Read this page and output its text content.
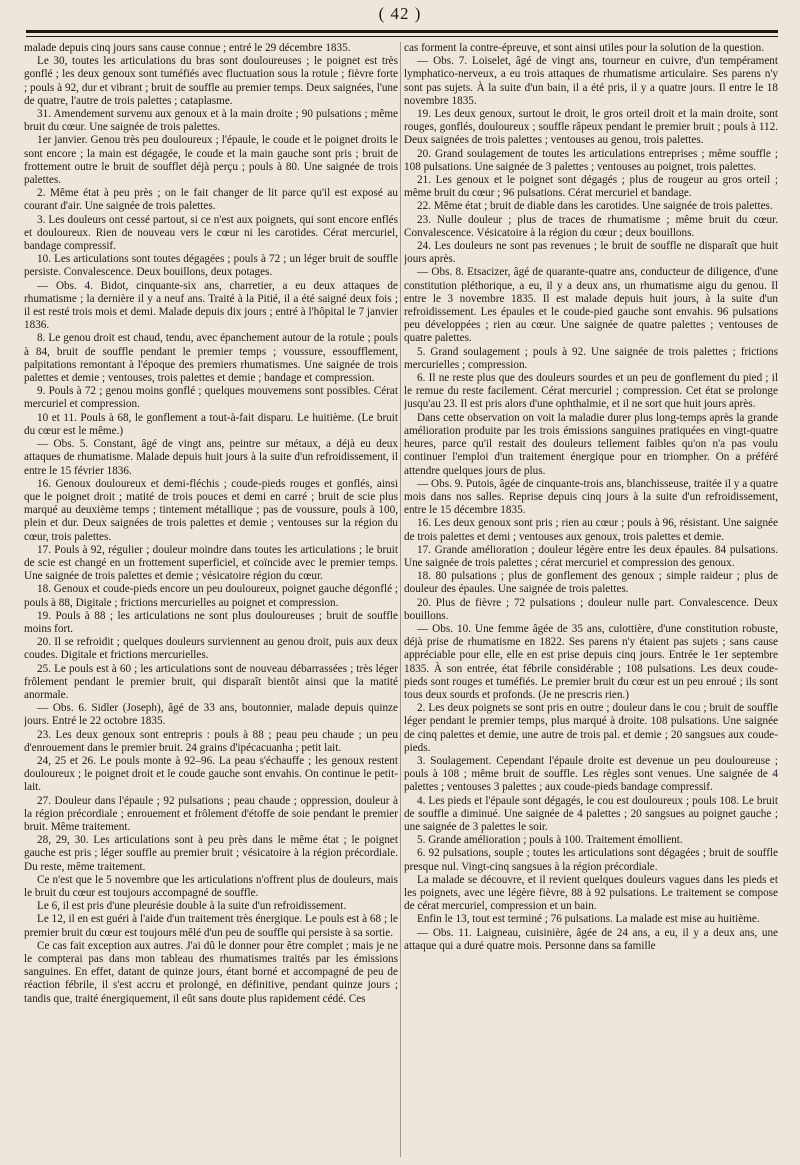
( 42 )

malade depuis cinq jours sans cause connue ; entré le 29 décembre 1835.

Le 30, toutes les articulations du bras sont douloureuses ; le poignet est très gonflé ; les deux genoux sont tuméfiés avec fluctuation sous la rotule ; fièvre forte ; pouls à 92, dur et vibrant ; bruit de souffle au premier temps. Deux saignées, l'une de quatre, l'autre de trois palettes ; cataplasme.

31. Amendement survenu aux genoux et à la main droite ; 90 pulsations ; même bruit du cœur. Une saignée de trois palettes.

1er janvier. Genou très peu douloureux ; l'épaule, le coude et le poignet droits le sont encore ; la main est dégagée, le coude et la main gauche sont pris ; bruit de frottement outre le bruit de soufflet déjà perçu ; pouls à 80. Une saignée de trois palettes.

2. Même état à peu près ; on le fait changer de lit parce qu'il est exposé au courant d'air. Une saignée de trois palettes.

3. Les douleurs ont cessé partout, si ce n'est aux poignets, qui sont encore enflés et douloureux. Rien de nouveau vers le cœur ni les carotides. Cérat mercuriel, bandage compressif.

10. Les articulations sont toutes dégagées ; pouls à 72 ; un léger bruit de souffle persiste. Convalescence. Deux bouillons, deux potages.

— Obs. 4. Bidot, cinquante-six ans, charretier, a eu deux attaques de rhumatisme ; la dernière il y a neuf ans. Traité à la Pitié, il a été saigné deux fois ; il est resté trois mois et demi. Malade depuis dix jours ; entré à l'hôpital le 7 janvier 1836.

8. Le genou droit est chaud, tendu, avec épanchement autour de la rotule ; pouls à 84, bruit de souffle pendant le premier temps ; voussure, essoufflement, palpitations remontant à l'époque des premiers rhumatismes. Une saignée de trois palettes et demie ; ventouses, trois palettes et demie ; bandage et compression.

9. Pouls à 72 ; genou moins gonflé ; quelques mouvemens sont possibles. Cérat mercuriel et compression.

10 et 11. Pouls à 68, le gonflement a tout-à-fait disparu. Le huitième. (Le bruit du cœur est le même.)

— Obs. 5. Constant, âgé de vingt ans, peintre sur métaux, a déjà eu deux attaques de rhumatisme. Malade depuis huit jours à la suite d'un refroidissement, il entre le 15 février 1836.

16. Genoux douloureux et demi-fléchis ; coude-pieds rouges et gonflés, ainsi que le poignet droit ; matité de trois pouces et demi en carré ; bruit de scie plus marqué au deuxième temps ; tintement métallique ; pas de voussure, pouls à 100, plein et dur. Deux saignées de trois palettes et demie ; ventouses sur la région du cœur, trois palettes.

17. Pouls à 92, régulier ; douleur moindre dans toutes les articulations ; le bruit de scie est changé en un frottement superficiel, et coïncide avec le premier temps. Une saignée de trois palettes et demie ; vésicatoire région du cœur.

18. Genoux et coude-pieds encore un peu douloureux, poignet gauche dégonflé ; pouls à 88, Digitale ; frictions mercurielles au poignet et compression.

19. Pouls à 88 ; les articulations ne sont plus douloureuses ; bruit de souffle moins fort.

20. Il se refroidit ; quelques douleurs surviennent au genou droit, puis aux deux coudes. Digitale et frictions mercurielles.

25. Le pouls est à 60 ; les articulations sont de nouveau débarrassées ; très léger frôlement pendant le premier bruit, qui disparaît bientôt ainsi que la matité anormale.

— Obs. 6. Sidler (Joseph), âgé de 33 ans, boutonnier, malade depuis quinze jours. Entré le 22 octobre 1835.

23. Les deux genoux sont entrepris : pouls à 88 ; peau peu chaude ; un peu d'enrouement dans le premier bruit. 24 grains d'ipécacuanha ; petit lait.

24, 25 et 26. Le pouls monte à 92–96. La peau s'échauffe ; les genoux restent douloureux ; le poignet droit et le coude gauche sont envahis. On continue le petit-lait.

27. Douleur dans l'épaule ; 92 pulsations ; peau chaude ; oppression, douleur à la région précordiale ; enrouement et frôlement d'étoffe de soie pendant le premier bruit. Même traitement.

28, 29, 30. Les articulations sont à peu près dans le même état ; le poignet gauche est pris ; léger souffle au premier bruit ; vésicatoire à la région précordiale. Du reste, même traitement.

Ce n'est que le 5 novembre que les articulations n'offrent plus de douleurs, mais le bruit du cœur est toujours accompagné de souffle.

Le 6, il est pris d'une pleurésie double à la suite d'un refroidissement.

Le 12, il en est guéri à l'aide d'un traitement très énergique. Le pouls est à 68 ; le premier bruit du cœur est toujours mêlé d'un peu de souffle qui persiste à sa sortie.

Ce cas fait exception aux autres. J'ai dû le donner pour être complet ; mais je ne le compterai pas dans mon tableau des rhumatismes traités par les émissions sanguines. En effet, datant de quinze jours, étant borné et accompagné de peu de réaction fébrile, il s'est accru et prolongé, en définitive, pendant quinze jours ; tandis que, traité énergiquement, il eût sans doute plus rapidement cédé. Ces

cas forment la contre-épreuve, et sont ainsi utiles pour la solution de la question.

— Obs. 7. Loiselet, âgé de vingt ans, tourneur en cuivre, d'un tempérament lymphatico-nerveux, a eu trois attaques de rhumatisme articulaire. Ses parens n'y sont pas sujets. À la suite d'un bain, il a été pris, il y a quatre jours. Il entre le 18 novembre 1835.

19. Les deux genoux, surtout le droit, le gros orteil droit et la main droite, sont rouges, gonflés, douloureux ; souffle râpeux pendant le premier bruit ; pouls à 112. Deux saignées de trois palettes ; ventouses au genou, trois palettes.

20. Grand soulagement de toutes les articulations entreprises ; même souffle ; 108 pulsations. Une saignée de 3 palettes ; ventouses au poignet, trois palettes.

21. Les genoux et le poignet sont dégagés ; plus de rougeur au gros orteil ; même bruit du cœur ; 96 pulsations. Cérat mercuriel et bandage.

22. Même état ; bruit de diable dans les carotides. Une saignée de trois palettes.

23. Nulle douleur ; plus de traces de rhumatisme ; même bruit du cœur. Convalescence. Vésicatoire à la région du cœur ; deux bouillons.

24. Les douleurs ne sont pas revenues ; le bruit de souffle ne disparaît que huit jours après.

— Obs. 8. Etsacizer, âgé de quarante-quatre ans, conducteur de diligence, d'une constitution pléthorique, a eu, il y a deux ans, un rhumatisme aigu du genou. Il entre le 3 novembre 1835. Il est malade depuis huit jours, à la suite d'un refroidissement. Les épaules et le coude-pied gauche sont envahis. 96 pulsations peu développées ; rien au cœur. Une saignée de quatre palettes ; ventouses de quatre palettes.

5. Grand soulagement ; pouls à 92. Une saignée de trois palettes ; frictions mercurielles ; compression.

6. Il ne reste plus que des douleurs sourdes et un peu de gonflement du pied ; il le remue du reste facilement. Cérat mercuriel ; compression. Cet état se prolonge jusqu'au 23. Il est pris alors d'une ophthalmie, et il ne sort que huit jours après.

Dans cette observation on voit la maladie durer plus long-temps après la grande amélioration produite par les trois émissions sanguines pratiquées en vingt-quatre heures, parce qu'il restait des douleurs tellement faibles qu'on n'a pas voulu continuer l'emploi d'un traitement énergique pour en triompher. On a préféré attendre quelques jours de plus.

— Obs. 9. Putois, âgée de cinquante-trois ans, blanchisseuse, traitée il y a quatre mois dans nos salles. Reprise depuis cinq jours à la suite d'un refroidissement, entre le 15 décembre 1835.

16. Les deux genoux sont pris ; rien au cœur ; pouls à 96, résistant. Une saignée de trois palettes et demi ; ventouses aux genoux, trois palettes et demie.

17. Grande amélioration ; douleur légère entre les deux épaules. 84 pulsations. Une saignée de trois palettes ; cérat mercuriel et compression des genoux.

18. 80 pulsations ; plus de gonflement des genoux ; simple raideur ; plus de douleur des épaules. Une saignée de trois palettes.

20. Plus de fièvre ; 72 pulsations ; douleur nulle part. Convalescence. Deux bouillons.

— Obs. 10. Une femme âgée de 35 ans, culottière, d'une constitution robuste, déjà prise de rhumatisme en 1822. Ses parens n'y étaient pas sujets ; sans cause appréciable pour elle, elle en est prise depuis cinq jours. Entrée le 1er septembre 1835. À son entrée, état fébrile considérable ; 108 pulsations. Les deux coude-pieds sont rouges et tuméfiés. Le premier bruit du cœur est un peu enroué ; ils sont tous deux sourds et profonds. (Je ne prescris rien.)

2. Les deux poignets se sont pris en outre ; douleur dans le cou ; bruit de souffle léger pendant le premier temps, plus marqué à droite. 108 pulsations. Une saignée de cinq palettes et demie, une autre de trois pal. et demie ; 20 sangsues aux coude-pieds.

3. Soulagement. Cependant l'épaule droite est devenue un peu douloureuse ; pouls à 108 ; même bruit de souffle. Les règles sont venues. Une saignée de 4 palettes ; ventouses 3 palettes ; aux coude-pieds bandage compressif.

4. Les pieds et l'épaule sont dégagés, le cou est douloureux ; pouls 108. Le bruit de souffle a diminué. Une saignée de 4 palettes ; 20 sangsues au poignet gauche ; une saignée de 3 palettes le soir.

5. Grande amélioration ; pouls à 100. Traitement émollient.

6. 92 pulsations, souple ; toutes les articulations sont dégagées ; bruit de souffle presque nul. Vingt-cinq sangsues à la région précordiale.

La malade se découvre, et il revient quelques douleurs vagues dans les pieds et les poignets, avec une légère fièvre, 88 à 92 pulsations. Le traitement se compose de cérat mercuriel, compression et un bain.

Enfin le 13, tout est terminé ; 76 pulsations. La malade est mise au huitième.

— Obs. 11. Laigneau, cuisinière, âgée de 24 ans, a eu, il y a deux ans, une attaque qui a duré quatre mois. Personne dans sa famille
